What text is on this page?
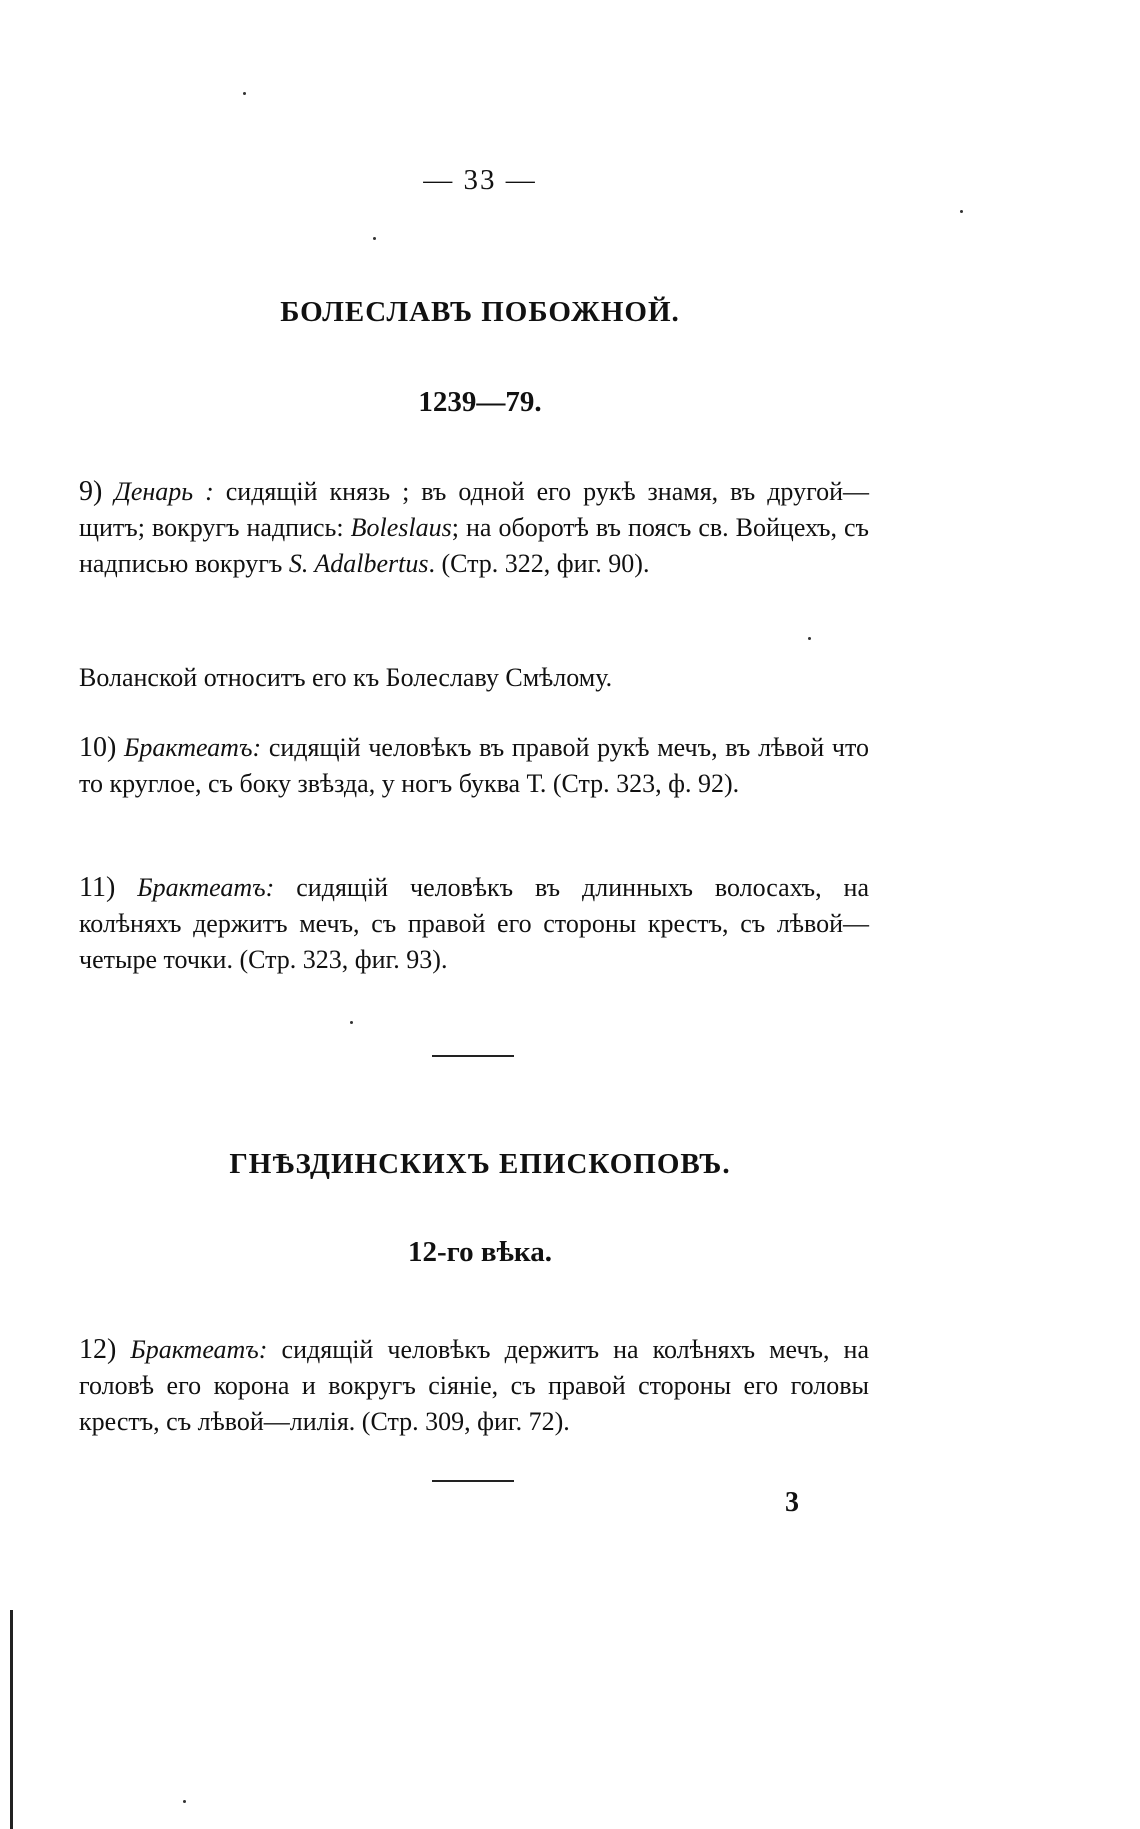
— 33 —
БОЛЕСЛАВЪ ПОБОЖНОЙ.
1239—79.
9) Денарь : сидящій князь ; въ одной его рукѣ знамя, въ другой—щитъ; вокругъ надпись: Boleslaus; на оборотѣ въ поясъ св. Войцехъ, съ надписью вокругъ S. Adalbertus. (Стр. 322, фиг. 90).
Воланской относитъ его къ Болеславу Смѣлому.
10) Брактеатъ: сидящій человѣкъ въ правой рукѣ мечъ, въ лѣвой что то круглое, съ боку звѣзда, у ногъ буква Т. (Стр. 323, ф. 92).
11) Брактеатъ: сидящій человѣкъ въ длинныхъ волосахъ, на колѣняхъ держитъ мечъ, съ правой его стороны крестъ, съ лѣвой—четыре точки. (Стр. 323, фиг. 93).
ГНѢЗДИНСКИХЪ ЕПИСКОПОВЪ.
12-го вѣка.
12) Брактеатъ: сидящій человѣкъ держитъ на колѣняхъ мечъ, на головѣ его корона и вокругъ сіяніе, съ правой стороны его головы крестъ, съ лѣвой—лилія. (Стр. 309, фиг. 72).
3
